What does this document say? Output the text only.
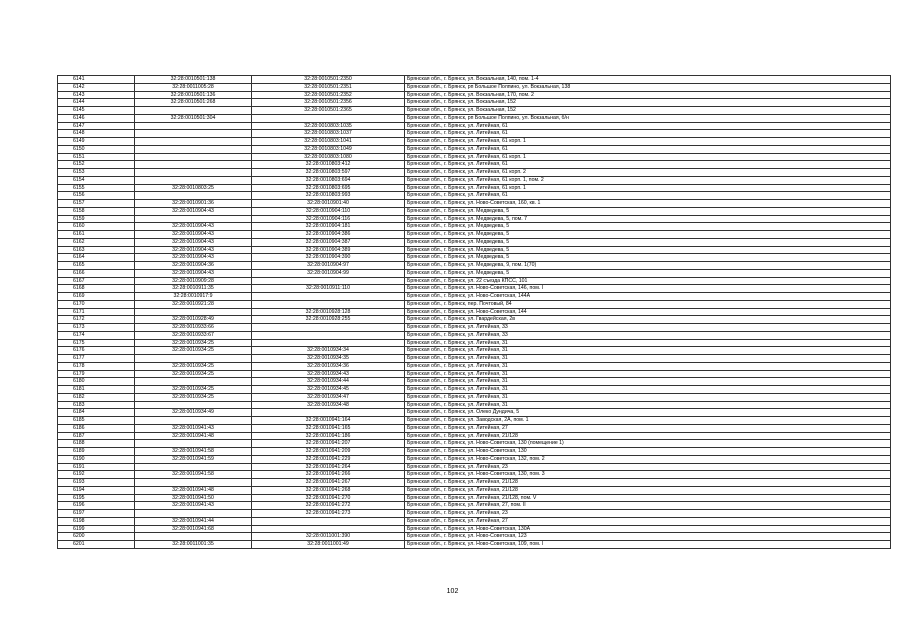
6141	32:28:0010501:138	32:28:0010501:2350	Брянская обл., г. Брянск, ул. Вокзальная, 140, пом. 1-4
6142	32:28:0011005:28	32:28:0010501:2351	Брянская обл., г. Брянск, рп Большое Полпино, ул. Вокзальная, 138
6143	32:28:0010501:136	32:28:0010501:2352	Брянская обл., г. Брянск, ул. Вокзальная, 170, пом. 2
6144	32:28:0010501:268	32:28:0010501:2356	Брянская обл., г. Брянск, ул. Вокзальная, 152
6145		32:28:0010501:2365	Брянская обл., г. Брянск, ул. Вокзальная, 152
6146	32:28:0010501:304		Брянская обл., г. Брянск, рп Большое Полпино, ул. Вокзальная, б/н
6147		32:28:0010803:1035	Брянская обл., г. Брянск, ул. Литейная, 61
6148		32:28:0010803:1037	Брянская обл., г. Брянск, ул. Литейная, 61
6149		32:28:0010803:1041	Брянская обл., г. Брянск, ул. Литейная, 61 корп. 1
6150		32:28:0010803:1049	Брянская обл., г. Брянск, ул. Литейная, 61
6151		32:28:0010803:1080	Брянская обл., г. Брянск, ул. Литейная, 61 корп. 1
6152		32:28:0010803:412	Брянская обл., г. Брянск, ул. Литейная, 61
6153		32:28:0010803:597	Брянская обл., г. Брянск, ул. Литейная, 61 корп. 2
6154		32:28:0010803:694	Брянская обл., г. Брянск, ул. Литейная, 61 корп. 1, пом. 2
6155	32:28:0010803:25	32:28:0010803:695	Брянская обл., г. Брянск, ул. Литейная, 61 корп. 1
6156		32:28:0010803:993	Брянская обл., г. Брянск, ул. Литейная, 61
6157	32:28:0010901:36	32:28:0010901:40	Брянская обл., г. Брянск, ул. Ново-Советская, 160, кв. 1
6158	32:28:0010904:43	32:28:0010904:110	Брянская обл., г. Брянск, ул. Медведева, 5
6159		32:28:0010904:116	Брянская обл., г. Брянск, ул. Медведева, 5, пом. 7
6160	32:28:0010904:43	32:28:0010904:181	Брянская обл., г. Брянск, ул. Медведева, 5
6161	32:28:0010904:43	32:28:0010904:386	Брянская обл., г. Брянск, ул. Медведева, 5
6162	32:28:0010904:43	32:28:0010904:387	Брянская обл., г. Брянск, ул. Медведева, 5
6163	32:28:0010904:43	32:28:0010904:389	Брянская обл., г. Брянск, ул. Медведева, 5
6164	32:28:0010904:43	32:28:0010904:390	Брянская обл., г. Брянск, ул. Медведева, 5
6165	32:28:0010904:36	32:28:0010904:97	Брянская обл., г. Брянск, ул. Медведева, 9, пом. 1(70)
6166	32:28:0010904:43	32:28:0010904:99	Брянская обл., г. Брянск, ул. Медведева, 5
6167	32:28:0010909:28		Брянская обл., г. Брянск, ул. 22 съезда КПСС, 101
6168	32:28:0010911:35	32:28:0010911:110	Брянская обл., г. Брянск, ул. Ново-Советская, 146, пом. I
6169	32:28:0010917:9		Брянская обл., г. Брянск, ул. Ново-Советская, 144А
6170	32:28:0010921:28		Брянская обл., г. Брянск, пер. Почтовый, 84
6171		32:28:0010928:128	Брянская обл., г. Брянск, ул. Ново-Советская, 144
6172	32:28:0010928:49	32:28:0010928:255	Брянская обл., г. Брянск, ул. Гвардейская, 2в
6173	32:28:0010933:66		Брянская обл., г. Брянск, ул. Литейная, 33
6174	32:28:0010933:67		Брянская обл., г. Брянск, ул. Литейная, 33
6175	32:28:0010934:25		Брянская обл., г. Брянск, ул. Литейная, 31
6176	32:28:0010934:25	32:28:0010934:34	Брянская обл., г. Брянск, ул. Литейная, 31
6177		32:28:0010934:35	Брянская обл., г. Брянск, ул. Литейная, 31
6178	32:28:0010934:25	32:28:0010934:36	Брянская обл., г. Брянск, ул. Литейная, 31
6179	32:28:0010934:25	32:28:0010934:43	Брянская обл., г. Брянск, ул. Литейная, 31
6180		32:28:0010934:44	Брянская обл., г. Брянск, ул. Литейная, 31
6181	32:28:0010934:25	32:28:0010934:45	Брянская обл., г. Брянск, ул. Литейная, 31
6182	32:28:0010934:25	32:28:0010934:47	Брянская обл., г. Брянск, ул. Литейная, 31
6183		32:28:0010934:48	Брянская обл., г. Брянск, ул. Литейная, 31
6184	32:28:0010934:49		Брянская обл., г. Брянск, ул. Олеко Дундича, 5
6185		32:28:0010941:164	Брянская обл., г. Брянск, ул. Заводская, 2А, пом. 1
6186	32:28:0010941:43	32:28:0010941:165	Брянская обл., г. Брянск, ул. Литейная, 27
6187	32:28:0010941:48	32:28:0010941:186	Брянская обл., г. Брянск, ул. Литейная, 21/128
6188		32:28:0010941:207	Брянская обл., г. Брянск, ул. Ново-Советская, 130 (помещение 1)
6189	32:28:0010941:58	32:28:0010941:209	Брянская обл., г. Брянск, ул. Ново-Советская, 130
6190	32:28:0010941:59	32:28:0010941:229	Брянская обл., г. Брянск, ул. Ново-Советская, 132, пом. 2
6191		32:28:0010941:264	Брянская обл., г. Брянск, ул. Литейная, 23
6192	32:28:0010941:58	32:28:0010941:266	Брянская обл., г. Брянск, ул. Ново-Советская, 130, пом. 3
6193		32:28:0010941:267	Брянская обл., г. Брянск, ул. Литейная, 21/128
6194	32:28:0010941:48	32:28:0010941:268	Брянская обл., г. Брянск, ул. Литейная, 21/128
6195	32:28:0010941:50	32:28:0010941:270	Брянская обл., г. Брянск, ул. Литейная, 21/128, пом. V
6196	32:28:0010941:43	32:28:0010941:272	Брянская обл., г. Брянск, ул. Литейная, 27, пом. II
6197		32:28:0010941:273	Брянская обл., г. Брянск, ул. Литейная, 23
6198	32:28:0010941:44		Брянская обл., г. Брянск, ул. Литейная, 27
6199	32:28:0010941:68		Брянская обл., г. Брянск, ул. Ново-Советская, 130А
6200		32:28:0011001:390	Брянская обл., г. Брянск, ул. Ново-Советская, 123
6201	32:28:0011001:35	32:28:0011001:49	Брянская обл., г. Брянск, ул. Ново-Советская, 109, пом. I
102
